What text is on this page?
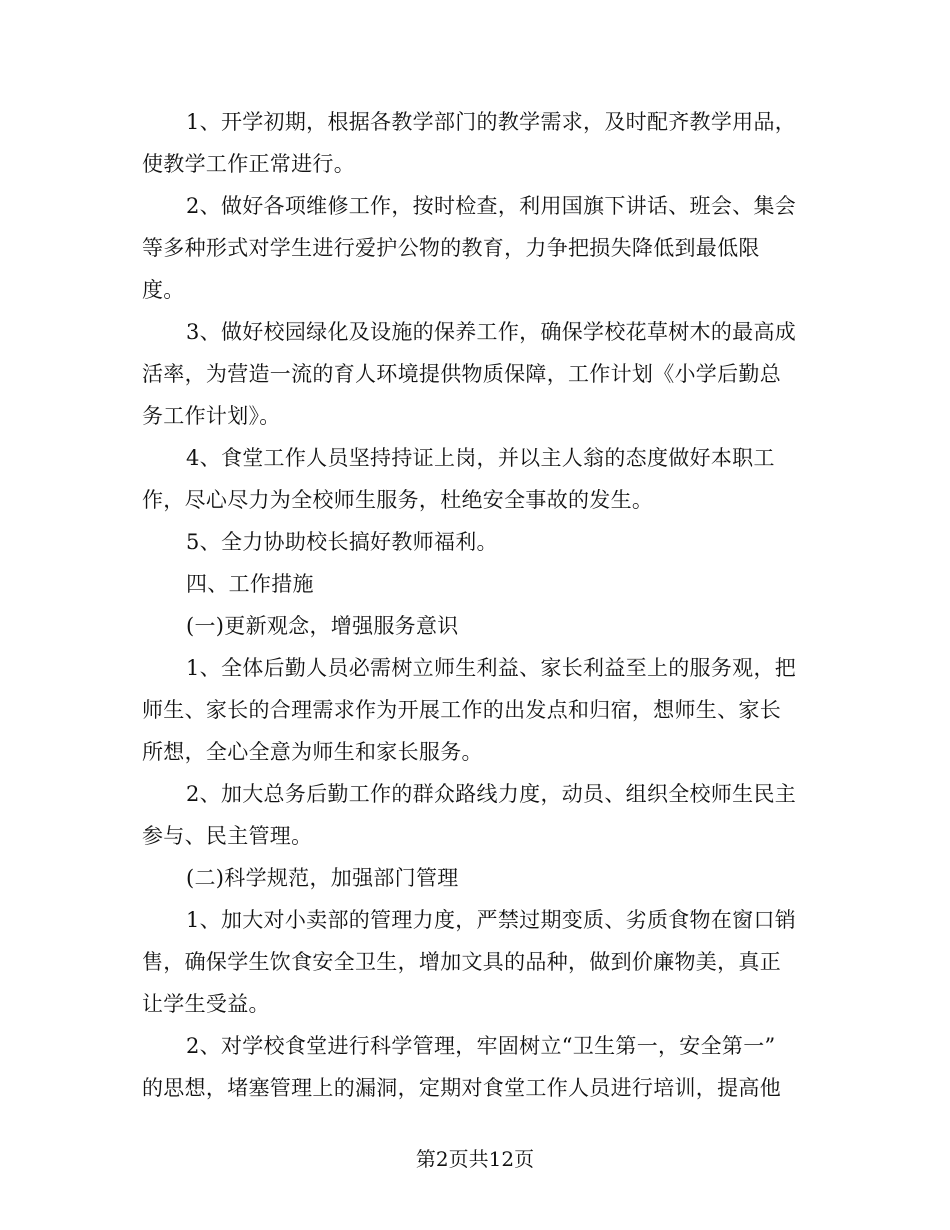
1、开学初期，根据各教学部门的教学需求，及时配齐教学用品，

使教学工作正常进行。

2、做好各项维修工作，按时检查，利用国旗下讲话、班会、集会

等多种形式对学生进行爱护公物的教育，力争把损失降低到最低限

度。

3、做好校园绿化及设施的保养工作，确保学校花草树木的最高成

活率，为营造一流的育人环境提供物质保障，工作计划《小学后勤总

务工作计划》。

4、食堂工作人员坚持持证上岗，并以主人翁的态度做好本职工

作，尽心尽力为全校师生服务，杜绝安全事故的发生。

5、全力协助校长搞好教师福利。

四、工作措施

(一)更新观念，增强服务意识

1、全体后勤人员必需树立师生利益、家长利益至上的服务观，把

师生、家长的合理需求作为开展工作的出发点和归宿，想师生、家长

所想，全心全意为师生和家长服务。

2、加大总务后勤工作的群众路线力度，动员、组织全校师生民主

参与、民主管理。

(二)科学规范，加强部门管理

1、加大对小卖部的管理力度，严禁过期变质、劣质食物在窗口销

售，确保学生饮食安全卫生，增加文具的品种，做到价廉物美，真正

让学生受益。

2、对学校食堂进行科学管理，牢固树立“卫生第一，安全第一”

的思想，堵塞管理上的漏洞，定期对食堂工作人员进行培训，提高他

第2页共12页
